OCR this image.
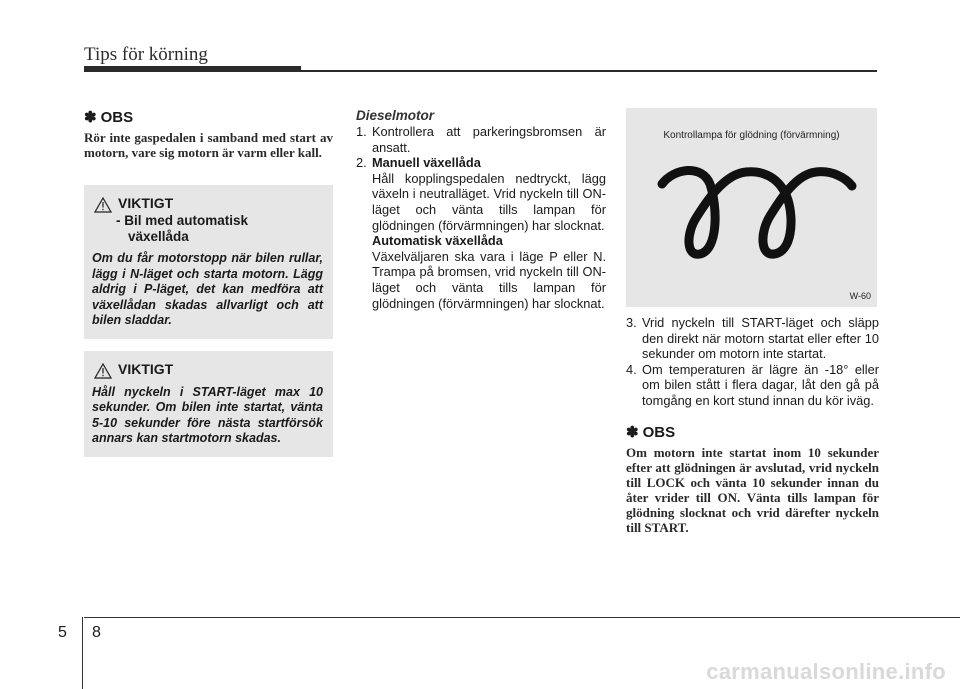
Tips för körning
✽ OBS
Rör inte gaspedalen i samband med start av motorn, vare sig motorn är varm eller kall.
VIKTIGT
- Bil med automatisk
växellåda
Om du får motorstopp när bilen rullar, lägg i N-läget och starta motorn. Lägg aldrig i P-läget, det kan medföra att växellådan skadas allvarligt och att bilen sladdar.
VIKTIGT
Håll nyckeln i START-läget max 10 sekunder. Om bilen inte startat, vänta 5-10 sekunder före nästa startförsök annars kan startmotorn skadas.
Dieselmotor
1. Kontrollera att parkeringsbromsen är ansatt.
2. Manuell växellåda
Håll kopplingspedalen nedtryckt, lägg växeln i neutralläget. Vrid nyckeln till ON-läget och vänta tills lampan för glödningen (förvärmningen) har slocknat.
Automatisk växellåda
Växelväljaren ska vara i läge P eller N. Trampa på bromsen, vrid nyckeln till ON-läget och vänta tills lampan för glödningen (förvärmningen) har slocknat.
Kontrollampa för glödning (förvärmning)
W-60
3. Vrid nyckeln till START-läget och släpp den direkt när motorn startat eller efter 10 sekunder om motorn inte startat.
4. Om temperaturen är lägre än -18° eller om bilen stått i flera dagar, låt den gå på tomgång en kort stund innan du kör iväg.
✽ OBS
Om motorn inte startat inom 10 sekunder efter att glödningen är avslutad, vrid nyckeln till LOCK och vänta 10 sekunder innan du åter vrider till ON. Vänta tills lampan för glödning slocknat och vrid därefter nyckeln till START.
5 8
carmanualsonline.info
